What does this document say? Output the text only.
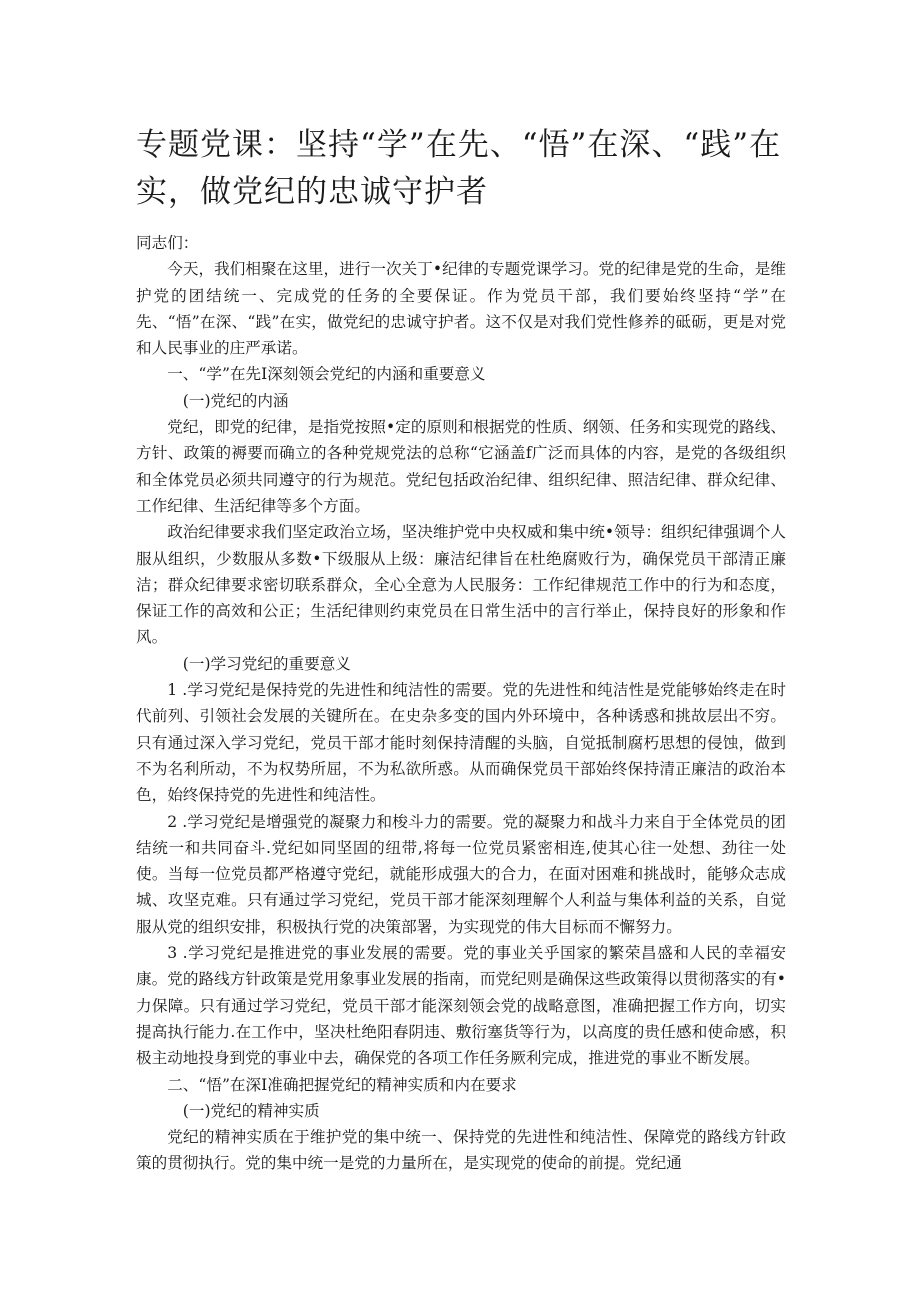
专题党课：坚持“学”在先、“悟”在深、“践”在实，做党纪的忠诚守护者

同志们：

今天，我们相聚在这里，进行一次关丁•纪律的专题党课学习。党的纪律是党的生命，是维护党的团结统一、完成党的任务的全要保证。作为党员干部，我们要始终坚持“学”在先、“悟”在深、“践”在实，做党纪的忠诚守护者。这不仅是对我们党性修养的砥砺，更是对党和人民事业的庄严承诺。

一、“学”在先I深刻领会党纪的内涵和重要意义

(一)党纪的内涵

党纪，即党的纪律，是指党按照•定的原则和根据党的性质、纲领、任务和实现党的路线、方针、政策的褥要而确立的各种党规党法的总称“它涵盖f广泛而具体的内容，是党的各级组织和全体党员必须共同遵守的行为规范。党纪包括政治纪律、组织纪律、照洁纪律、群众纪律、工作纪律、生活纪律等多个方面。

政治纪律要求我们坚定政治立场，坚决维护党中央权威和集中统•领导：组织纪律强调个人服从组织，少数服从多数•下级服从上级：廉洁纪律旨在杜绝腐败行为，确保党员干部清正廉洁；群众纪律要求密切联系群众，全心全意为人民服务：工作纪律规范工作中的行为和态度，保证工作的高效和公正；生活纪律则约束党员在日常生活中的言行举止，保持良好的形象和作风。

(一)学习党纪的重要意义

1 .学习党纪是保持党的先进性和纯洁性的需要。党的先进性和纯洁性是党能够始终走在时代前列、引领社会发展的关键所在。在史杂多变的国内外环境中，各种诱惑和挑故层出不穷。只有通过深入学习党纪，党员干部才能时刻保持清醒的头脑，自觉抵制腐朽思想的侵蚀，做到不为名利所动，不为权势所屈，不为私欲所惑。从而确保党员干部始终保持清正廉洁的政治本色，始终保持党的先进性和纯洁性。

2 .学习党纪是增强党的凝聚力和梭斗力的需要。党的凝聚力和战斗力来自于全体党员的团结统一和共同奋斗.党纪如同坚固的纽带,将每一位党员紧密相连,使其心往一处想、劲往一处使。当每一位党员都严格遵守党纪，就能形成强大的合力，在面对困难和挑战时，能够众志成城、攻坚克难。只有通过学习党纪，党员干部才能深刻理解个人利益与集体利益的关系，自觉服从党的组织安排，积极执行党的决策部署，为实现党的伟大目标而不懈努力。

3 .学习党纪是推进党的事业发展的需要。党的事业关乎国家的繁荣昌盛和人民的幸福安康。党的路线方针政策是党用象事业发展的指南，而党纪则是确保这些政策得以贯彻落实的有•力保障。只有通过学习党纪，党员干部才能深刻领会党的战略意图，准确把握工作方向，切实提高执行能力.在工作中，坚决杜绝阳春阴违、敷衍塞货等行为，以高度的贵任感和使命感，积极主动地投身到党的事业中去，确保党的各项工作任务厥利完成，推进党的事业不断发展。

二、“悟”在深I准确把握党纪的精神实质和内在要求

(一)党纪的精神实质

党纪的精神实质在于维护党的集中统一、保持党的先进性和纯洁性、保障党的路线方针政策的贯彻执行。党的集中统一是党的力量所在，是实现党的使命的前提。党纪通
